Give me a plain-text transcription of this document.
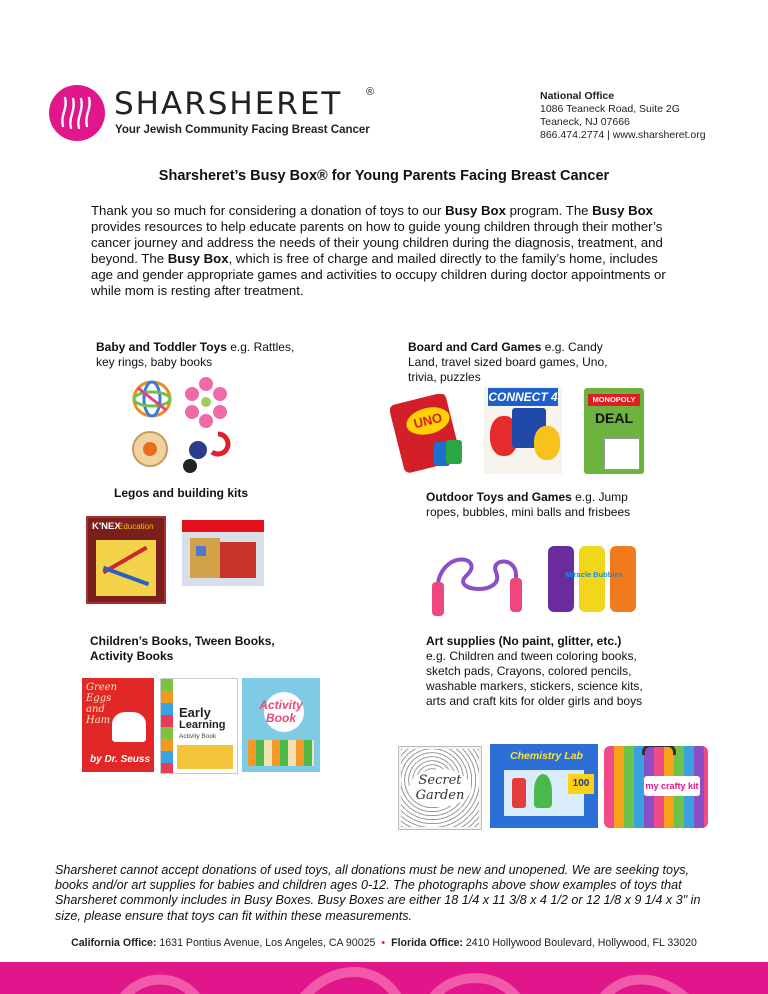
SHARSHERET ®
Your Jewish Community Facing Breast Cancer
National Office
1086 Teaneck Road, Suite 2G
Teaneck, NJ 07666
866.474.2774 | www.sharsheret.org
Sharsheret’s Busy Box® for Young Parents Facing Breast Cancer
Thank you so much for considering a donation of toys to our Busy Box program. The Busy Box provides resources to help educate parents on how to guide young children through their mother’s cancer journey and address the needs of their young children during the diagnosis, treatment, and beyond. The Busy Box, which is free of charge and mailed directly to the family’s home, includes age and gender appropriate games and activities to occupy children during doctor appointments or while mom is resting after treatment.
Baby and Toddler Toys e.g. Rattles, key rings, baby books
Board and Card Games e.g. Candy Land, travel sized board games, Uno, trivia, puzzles
UNO
CONNECT 4	MONOPOLY
DEAL
Legos and building kits
K'NEX
Education
Outdoor Toys and Games e.g. Jump ropes, bubbles, mini balls and frisbees
Miracle Bubbles
Children’s Books, Tween Books, Activity Books
Green Eggs and Ham
by Dr. Seuss
Early
Learning
Activity Book
Activity
Book
Art supplies (No paint, glitter, etc.)
e.g. Children and tween coloring books, sketch pads, Crayons, colored pencils, washable markers, stickers, science kits, arts and craft kits for older girls and boys
Secret
Garden
Chemistry Lab
100	my crafty kit
Sharsheret cannot accept donations of used toys, all donations must be new and unopened. We are seeking toys, books and/or art supplies for babies and children ages 0-12. The photographs above show examples of toys that Sharsheret commonly includes in Busy Boxes. Busy Boxes are either 18 1/4 x 11 3/8 x 4 1/2 or 12 1/8 x 9 1/4 x 3" in size, please ensure that toys can fit within these measurements.
California Office: 1631 Pontius Avenue, Los Angeles, CA 90025 • Florida Office: 2410 Hollywood Boulevard, Hollywood, FL 33020
